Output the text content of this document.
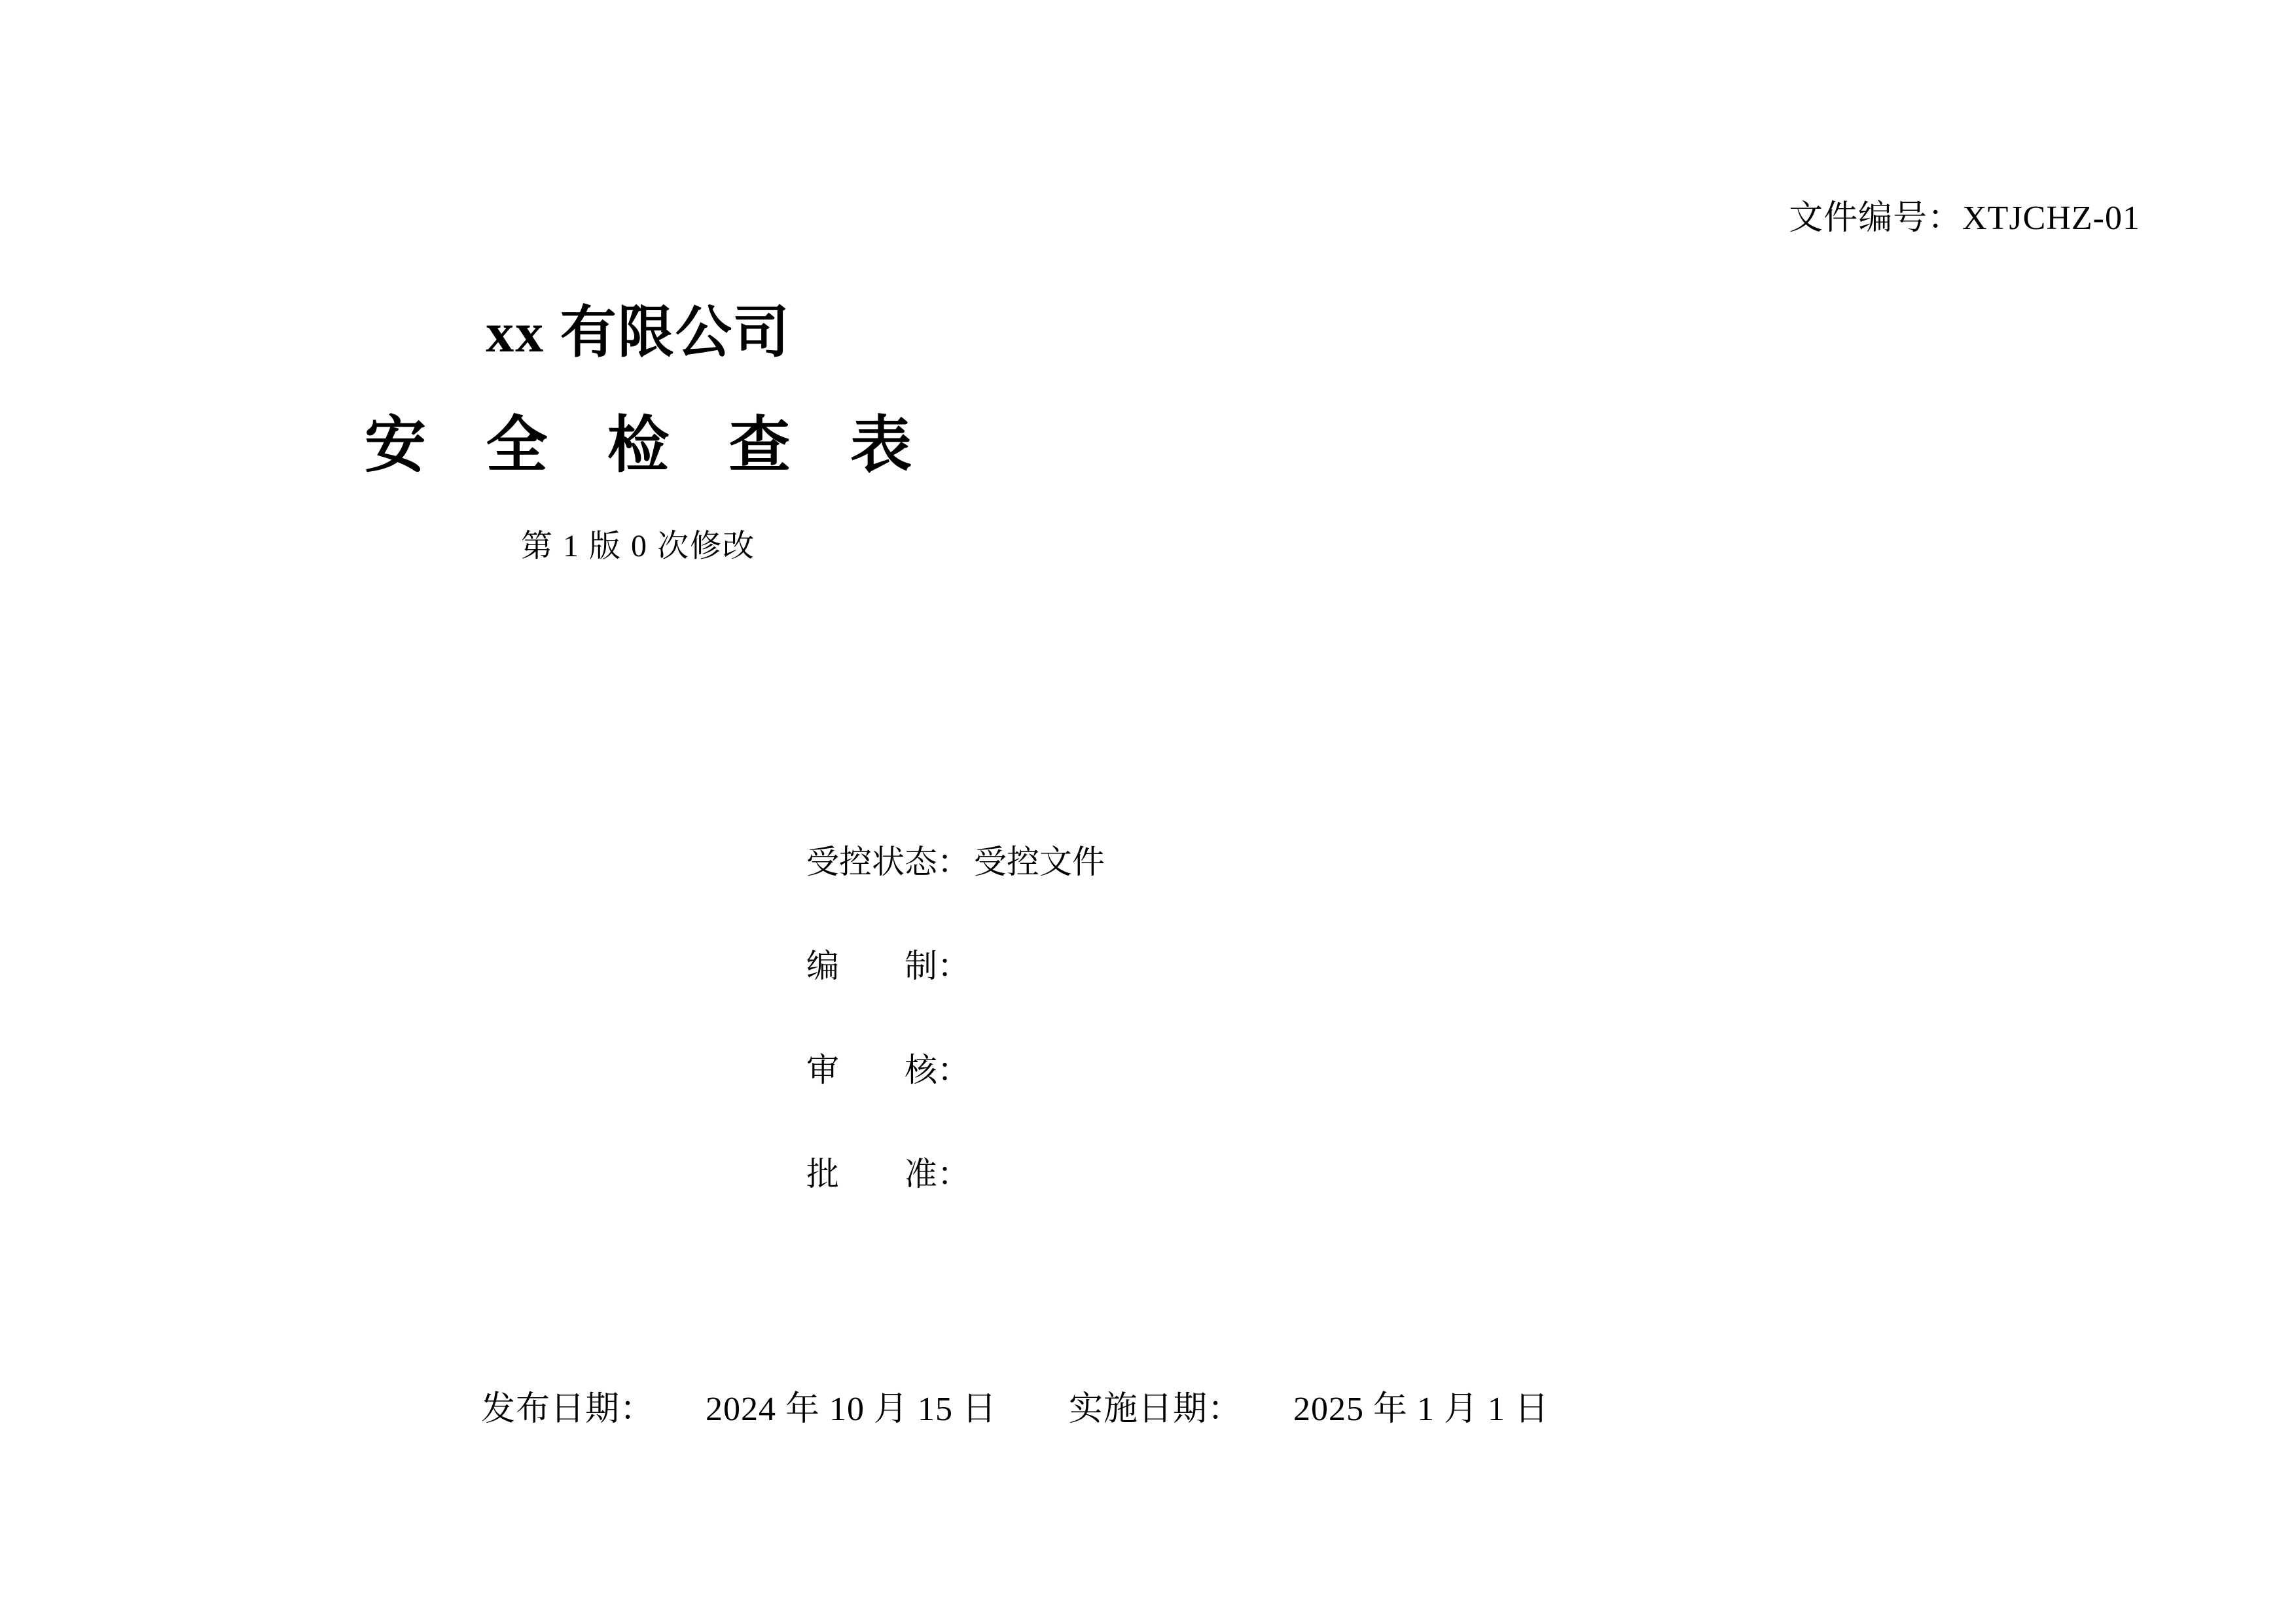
文件编号：XTJCHZ-01
xx 有限公司
安 全 检 查 表
第 1 版 0 次修改
受控状态： 受控文件
编　　制：
审　　核：
批　　准：
发布日期： 2024 年 10 月 15 日 实施日期： 2025 年 1 月 1 日
